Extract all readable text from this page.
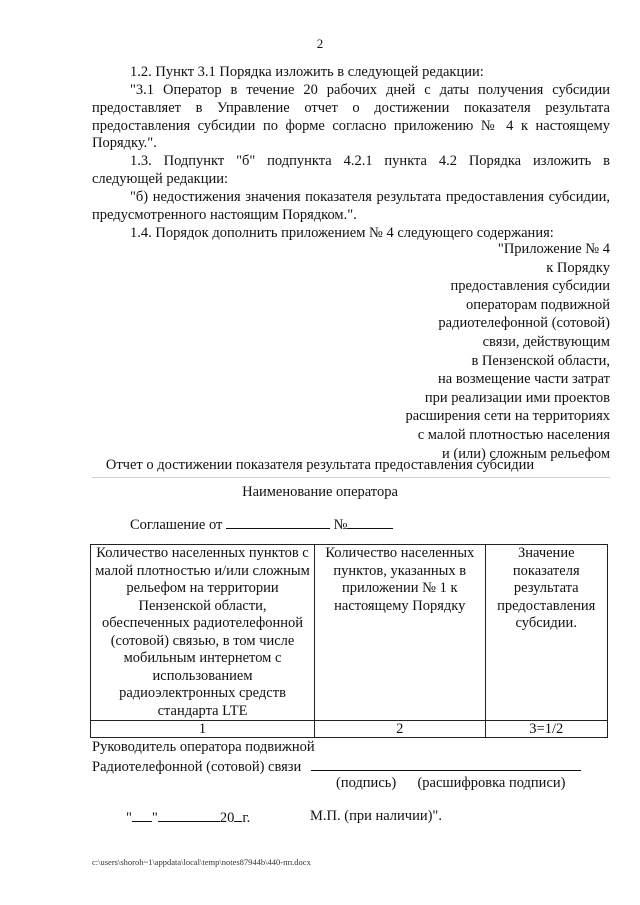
2
1.2. Пункт 3.1 Порядка изложить в следующей редакции:
"3.1 Оператор в течение 20 рабочих дней с даты получения субсидии предоставляет в Управление отчет о достижении показателя результата предоставления субсидии по форме согласно приложению № 4 к настоящему Порядку.".
1.3. Подпункт "б" подпункта 4.2.1 пункта 4.2 Порядка изложить в следующей редакции:
"б) недостижения значения показателя результата предоставления субсидии, предусмотренного настоящим Порядком.".
1.4. Порядок дополнить приложением № 4 следующего содержания:
"Приложение № 4
к Порядку
предоставления субсидии
операторам подвижной
радиотелефонной (сотовой)
связи, действующим
в Пензенской области,
на возмещение части затрат
при реализации ими проектов
расширения сети на территориях
с малой плотностью населения
и (или) сложным рельефом
Отчет о достижении показателя результата предоставления субсидии
Наименование оператора
Соглашение от	№
Количество населенных пунктов с малой плотностью и/или сложным рельефом на территории Пензенской области, обеспеченных радиотелефонной (сотовой) связью, в том числе мобильным интернетом с использованием радиоэлектронных средств стандарта LTE	Количество населенных пунктов, указанных в приложении № 1 к настоящему Порядку	Значение показателя результата предоставления субсидии.
1	2	3=1/2
Руководитель оператора подвижной
Радиотелефонной (сотовой) связи
(подпись) (расшифровка подписи)
" "	20 г.	М.П. (при наличии)".
c:\users\shoroh~1\appdata\local\temp\notes87944b\440-пп.docx
